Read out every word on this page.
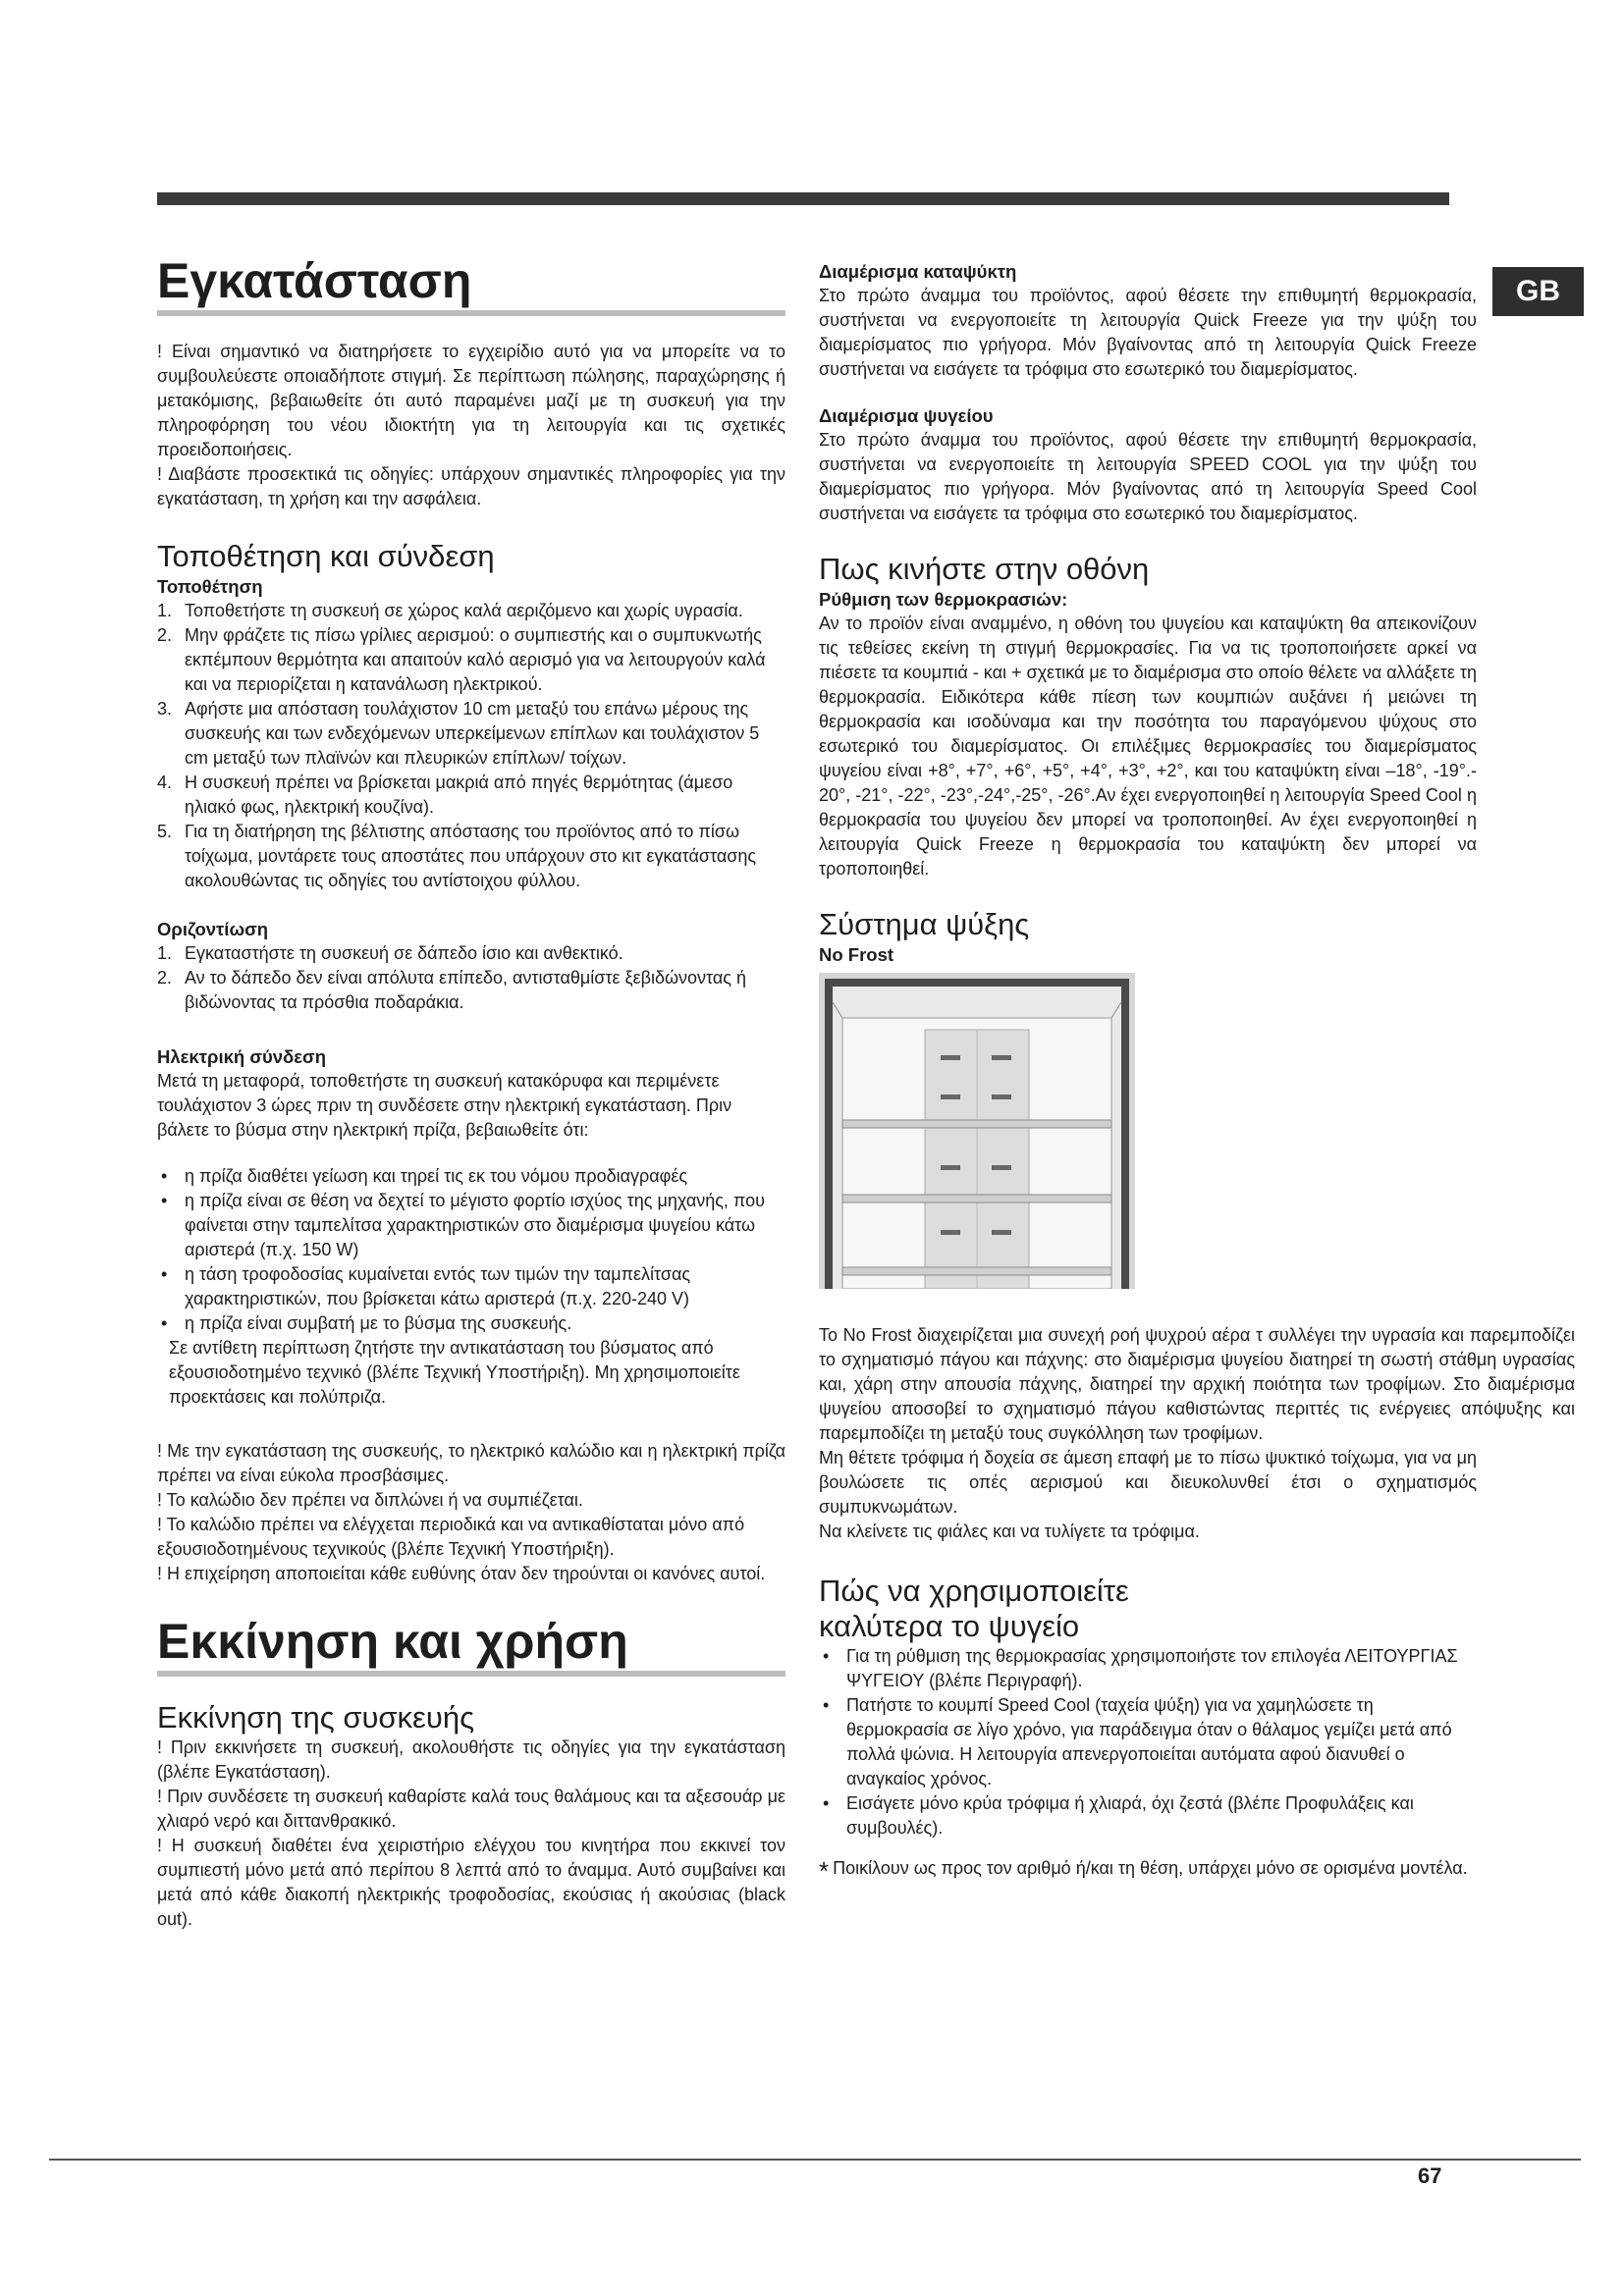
GB
Εγκατάσταση

! Είναι σημαντικό να διατηρήσετε το εγχειρίδιο αυτό για να μπορείτε να το συμβουλεύεστε οποιαδήποτε στιγμή. Σε περίπτωση πώλησης, παραχώρησης ή μετακόμισης, βεβαιωθείτε ότι αυτό παραμένει μαζί με τη συσκευή για την πληροφόρηση του νέου ιδιοκτήτη για τη λειτουργία και τις σχετικές προειδοποιήσεις.

! Διαβάστε προσεκτικά τις οδηγίες: υπάρχουν σημαντικές πληροφορίες για την εγκατάσταση, τη χρήση και την ασφάλεια.

Τοποθέτηση και σύνδεση
Τοποθέτηση
1. Τοποθετήστε τη συσκευή σε χώρος καλά αεριζόμενο και χωρίς υγρασία.
2. Μην φράζετε τις πίσω γρίλιες αερισμού: ο συμπιεστής και ο συμπυκνωτής εκπέμπουν θερμότητα και απαιτούν καλό αερισμό για να λειτουργούν καλά και να περιορίζεται η κατανάλωση ηλεκτρικού.
3. Αφήστε μια απόσταση τουλάχιστον 10 cm μεταξύ του επάνω μέρους της συσκευής και των ενδεχόμενων υπερκείμενων επίπλων και τουλάχιστον 5 cm μεταξύ των πλαϊνών και πλευρικών επίπλων/ τοίχων.
4. Η συσκευή πρέπει να βρίσκεται μακριά από πηγές θερμότητας (άμεσο ηλιακό φως, ηλεκτρική κουζίνα).
5. Για τη διατήρηση της βέλτιστης απόστασης του προϊόντος από το πίσω τοίχωμα, μοντάρετε τους αποστάτες που υπάρχουν στο κιτ εγκατάστασης ακολουθώντας τις οδηγίες του αντίστοιχου φύλλου.
Οριζοντίωση
1. Εγκαταστήστε τη συσκευή σε δάπεδο ίσιο και ανθεκτικό.
2. Αν το δάπεδο δεν είναι απόλυτα επίπεδο, αντισταθμίστε ξεβιδώνοντας ή βιδώνοντας τα πρόσθια ποδαράκια.
Ηλεκτρική σύνδεση

Μετά τη μεταφορά, τοποθετήστε τη συσκευή κατακόρυφα και περιμένετε τουλάχιστον 3 ώρες πριν τη συνδέσετε στην ηλεκτρική εγκατάσταση. Πριν βάλετε το βύσμα στην ηλεκτρική πρίζα, βεβαιωθείτε ότι:

• η πρίζα διαθέτει γείωση και τηρεί τις εκ του νόμου προδιαγραφές
• η πρίζα είναι σε θέση να δεχτεί το μέγιστο φορτίο ισχύος της μηχανής, που φαίνεται στην ταμπελίτσα χαρακτηριστικών στο διαμέρισμα ψυγείου κάτω αριστερά (π.χ. 150 W)
• η τάση τροφοδοσίας κυμαίνεται εντός των τιμών την ταμπελίτσας χαρακτηριστικών, που βρίσκεται κάτω αριστερά (π.χ. 220-240 V)
• η πρίζα είναι συμβατή με το βύσμα της συσκευής.

Σε αντίθετη περίπτωση ζητήστε την αντικατάσταση του βύσματος από εξουσιοδοτημένο τεχνικό (βλέπε Τεχνική Υποστήριξη). Μη χρησιμοποιείτε προεκτάσεις και πολύπριζα.

! Με την εγκατάσταση της συσκευής, το ηλεκτρικό καλώδιο και η ηλεκτρική πρίζα πρέπει να είναι εύκολα προσβάσιμες.

! Το καλώδιο δεν πρέπει να διπλώνει ή να συμπιέζεται.

! Το καλώδιο πρέπει να ελέγχεται περιοδικά και να αντικαθίσταται μόνο από εξουσιοδοτημένους τεχνικούς (βλέπε Τεχνική Υποστήριξη).

! Η επιχείρηση αποποιείται κάθε ευθύνης όταν δεν τηρούνται οι κανόνες αυτοί.

Εκκίνηση και χρήση
Εκκίνηση της συσκευής

! Πριν εκκινήσετε τη συσκευή, ακολουθήστε τις οδηγίες για την εγκατάσταση (βλέπε Εγκατάσταση).

! Πριν συνδέσετε τη συσκευή καθαρίστε καλά τους θαλάμους και τα αξεσουάρ με χλιαρό νερό και διττανθρακικό.

! Η συσκευή διαθέτει ένα χειριστήριο ελέγχου του κινητήρα που εκκινεί τον συμπιεστή μόνο μετά από περίπου 8 λεπτά από το άναμμα. Αυτό συμβαίνει και μετά από κάθε διακοπή ηλεκτρικής τροφοδοσίας, εκούσιας ή ακούσιας (black out).

Διαμέρισμα καταψύκτη

Στο πρώτο άναμμα του προϊόντος, αφού θέσετε την επιθυμητή θερμοκρασία, συστήνεται να ενεργοποιείτε τη λειτουργία Quick Freeze για την ψύξη του διαμερίσματος πιο γρήγορα. Μόν βγαίνοντας από τη λειτουργία Quick Freeze συστήνεται να εισάγετε τα τρόφιμα στο εσωτερικό του διαμερίσματος.

Διαμέρισμα ψυγείου

Στο πρώτο άναμμα του προϊόντος, αφού θέσετε την επιθυμητή θερμοκρασία, συστήνεται να ενεργοποιείτε τη λειτουργία SPEED COOL για την ψύξη του διαμερίσματος πιο γρήγορα. Μόν βγαίνοντας από τη λειτουργία Speed Cool συστήνεται να εισάγετε τα τρόφιμα στο εσωτερικό του διαμερίσματος.

Πως κινήστε στην οθόνη
Ρύθμιση των θερμοκρασιών:

Αν το προϊόν είναι αναμμένο, η οθόνη του ψυγείου και καταψύκτη θα απεικονίζουν τις τεθείσες εκείνη τη στιγμή θερμοκρασίες. Για να τις τροποποιήσετε αρκεί να πιέσετε τα κουμπιά - και + σχετικά με το διαμέρισμα στο οποίο θέλετε να αλλάξετε τη θερμοκρασία. Ειδικότερα κάθε πίεση των κουμπιών αυξάνει ή μειώνει τη θερμοκρασία και ισοδύναμα και την ποσότητα του παραγόμενου ψύχους στο εσωτερικό του διαμερίσματος. Οι επιλέξιμες θερμοκρασίες του διαμερίσματος ψυγείου είναι +8°, +7°, +6°, +5°, +4°, +3°, +2°, και του καταψύκτη είναι –18°, -19°.- 20°, -21°, -22°, -23°,-24°,-25°, -26°.Αν έχει ενεργοποιηθεί η λειτουργία Speed Cool η θερμοκρασία του ψυγείου δεν μπορεί να τροποποιηθεί. Αν έχει ενεργοποιηθεί η λειτουργία Quick Freeze η θερμοκρασία του καταψύκτη δεν μπορεί να τροποποιηθεί.

Σύστημα ψύξης
No Frost

Το No Frost διαχειρίζεται μια συνεχή ροή ψυχρού αέρα τ συλλέγει την υγρασία και παρεμποδίζει το σχηματισμό πάγου και πάχνης: στο διαμέρισμα ψυγείου διατηρεί τη σωστή στάθμη υγρασίας και, χάρη στην απουσία πάχνης, διατηρεί την αρχική ποιότητα των τροφίμων. Στο διαμέρισμα ψυγείου αποσοβεί το σχηματισμό πάγου καθιστώντας περιττές τις ενέργειες απόψυξης και παρεμποδίζει τη μεταξύ τους συγκόλληση των τροφίμων.

Μη θέτετε τρόφιμα ή δοχεία σε άμεση επαφή με το πίσω ψυκτικό τοίχωμα, για να μη βουλώσετε τις οπές αερισμού και διευκολυνθεί έτσι ο σχηματισμός συμπυκνωμάτων.

Να κλείνετε τις φιάλες και να τυλίγετε τα τρόφιμα.

Πώς να χρησιμοποιείτε καλύτερα το ψυγείο
• Για τη ρύθμιση της θερμοκρασίας χρησιμοποιήστε τον επιλογέα ΛΕΙΤΟΥΡΓΙΑΣ ΨΥΓΕΙΟΥ (βλέπε Περιγραφή).
• Πατήστε το κουμπί Speed Cool (ταχεία ψύξη) για να χαμηλώσετε τη θερμοκρασία σε λίγο χρόνο, για παράδειγμα όταν ο θάλαμος γεμίζει μετά από πολλά ψώνια. Η λειτουργία απενεργοποιείται αυτόματα αφού διανυθεί ο αναγκαίος χρόνος.
• Εισάγετε μόνο κρύα τρόφιμα ή χλιαρά, όχι ζεστά (βλέπε Προφυλάξεις και συμβουλές).

* Ποικίλουν ως προς τον αριθμό ή/και τη θέση, υπάρχει μόνο σε ορισμένα μοντέλα.

67
